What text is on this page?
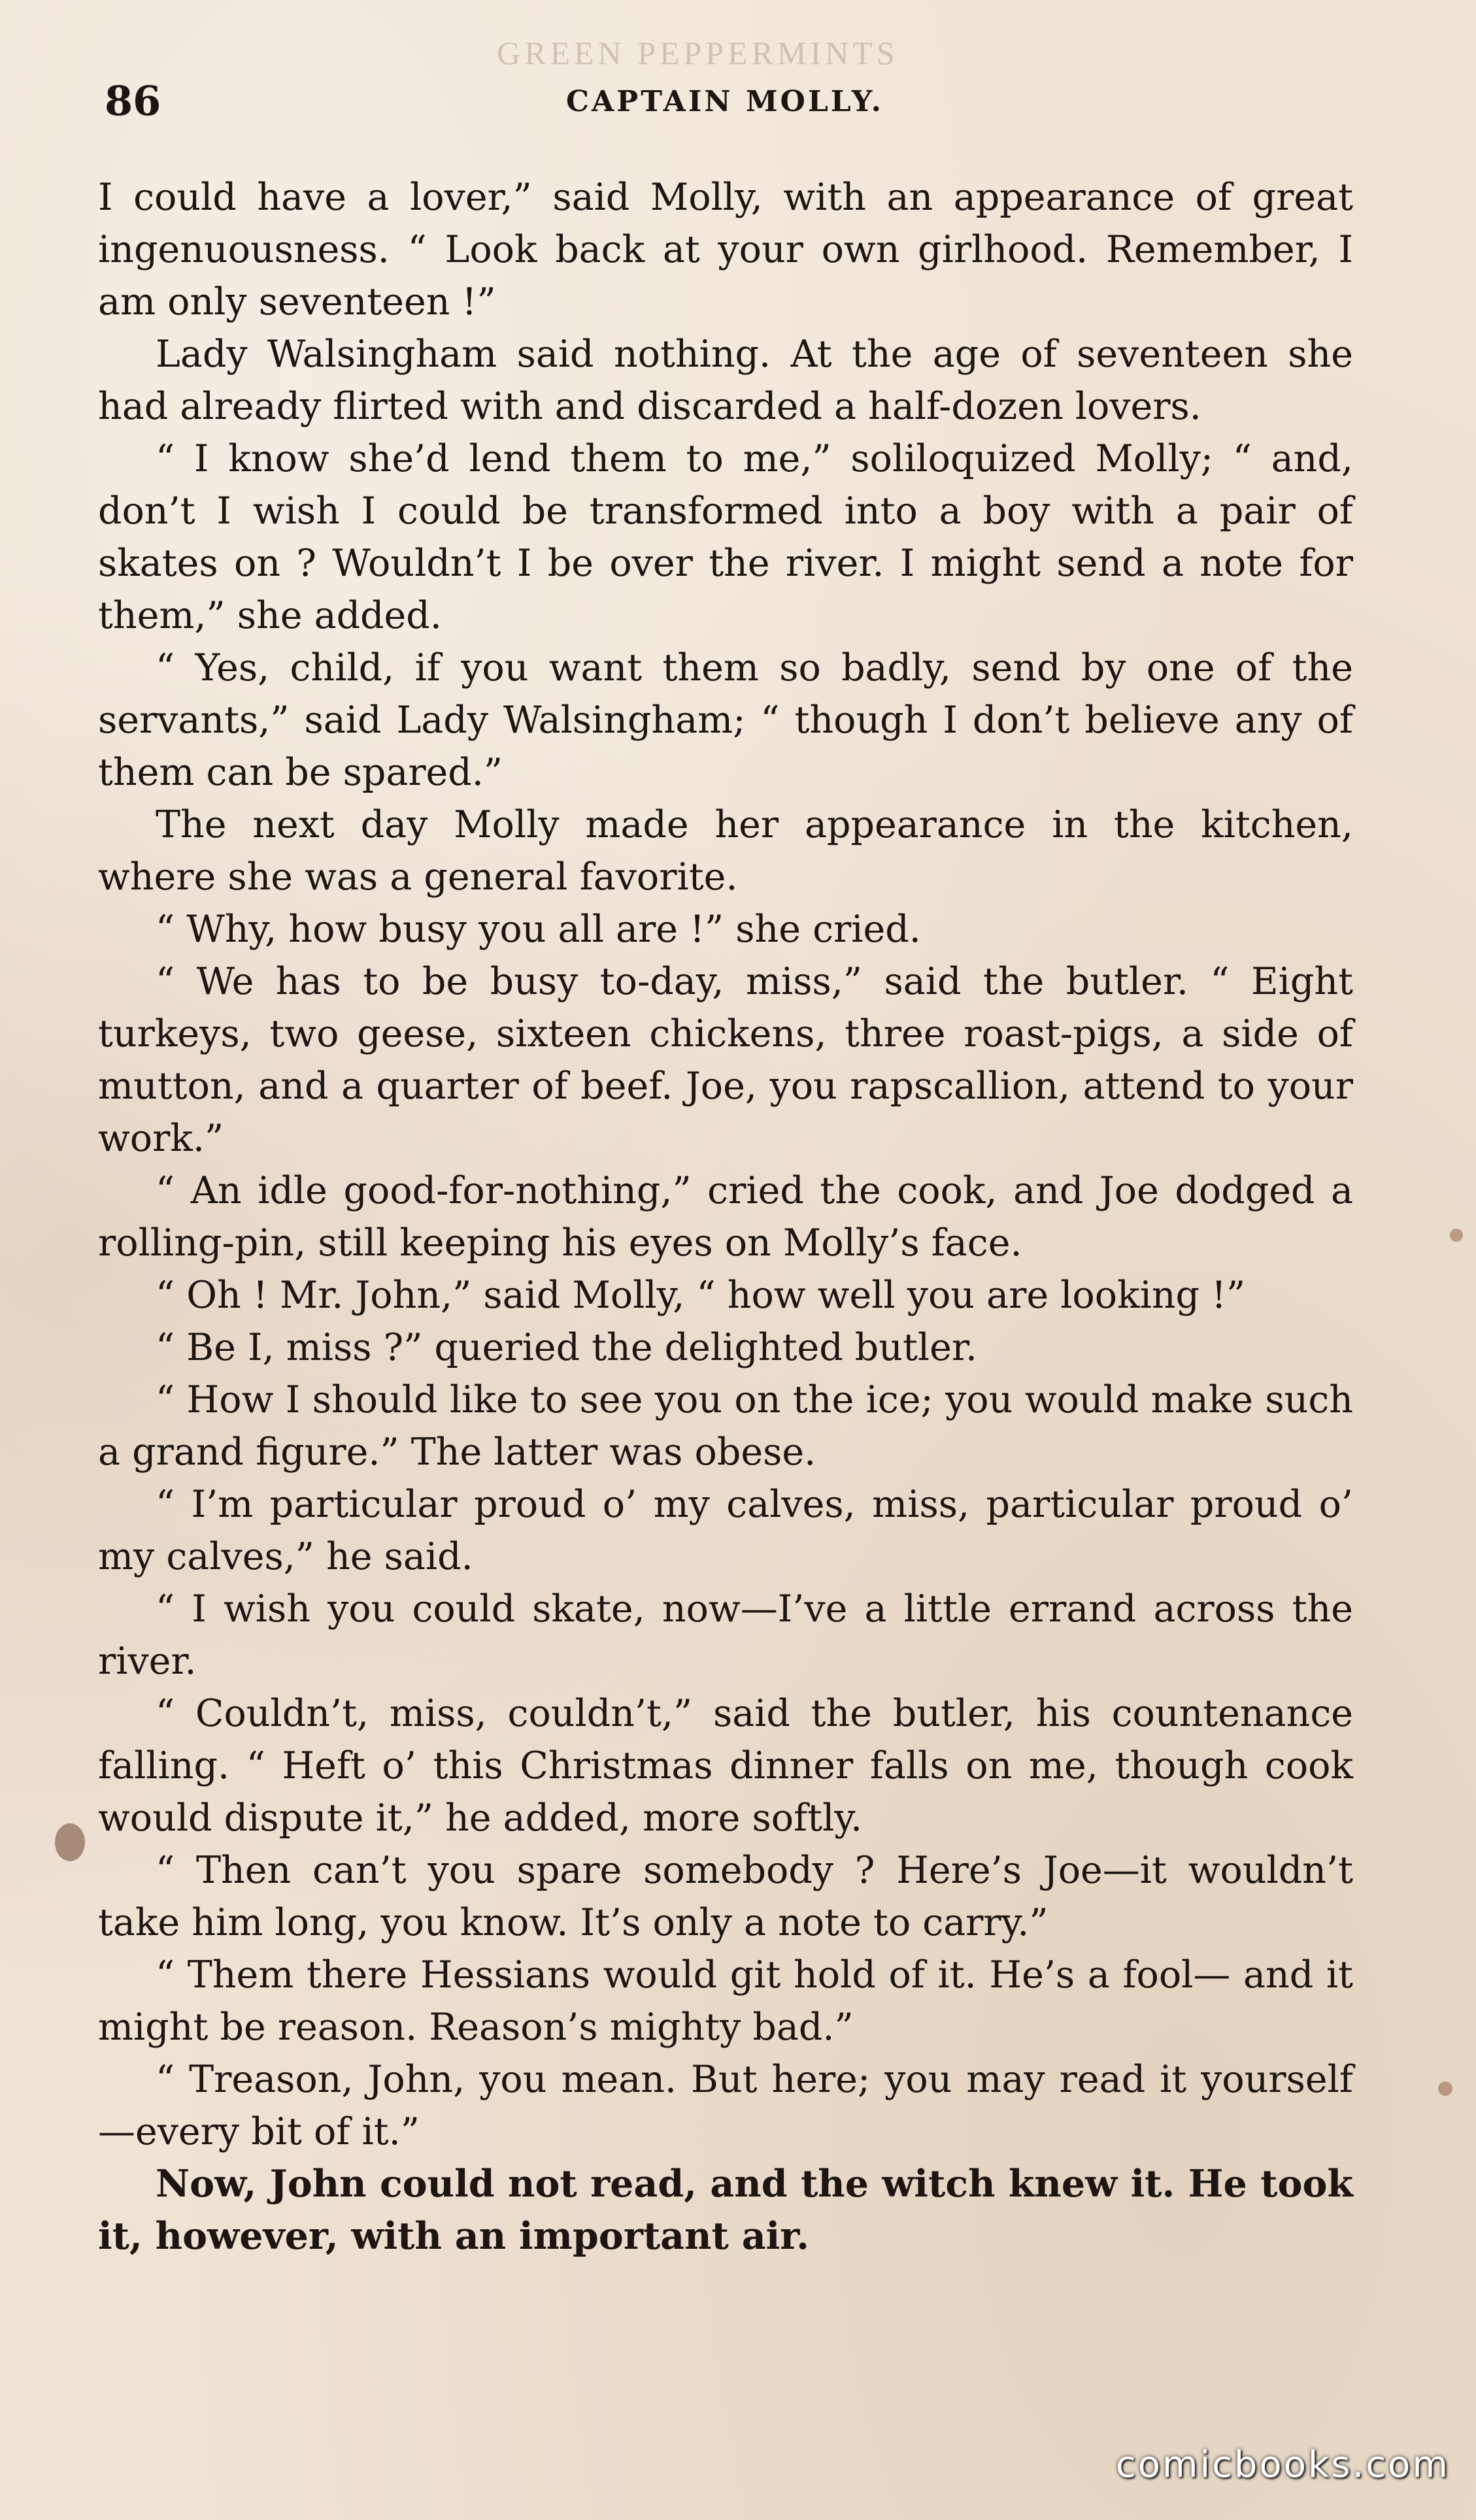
GREEN PEPPERMINTS
86	CAPTAIN MOLLY.

I could have a lover,” said Molly, with an appearance of great ingenuousness. “ Look back at your own girlhood. Remember, I am only seventeen !”

Lady Walsingham said nothing. At the age of seventeen she had already flirted with and discarded a half-dozen lovers.

“ I know she’d lend them to me,” soliloquized Molly; “ and, don’t I wish I could be transformed into a boy with a pair of skates on ? Wouldn’t I be over the river. I might send a note for them,” she added.

“ Yes, child, if you want them so badly, send by one of the servants,” said Lady Walsingham; “ though I don’t believe any of them can be spared.”

The next day Molly made her appearance in the kitchen, where she was a general favorite.

“ Why, how busy you all are !” she cried.

“ We has to be busy to-day, miss,” said the butler. “ Eight turkeys, two geese, sixteen chickens, three roast-pigs, a side of mutton, and a quarter of beef. Joe, you rapscallion, attend to your work.”

“ An idle good-for-nothing,” cried the cook, and Joe dodged a rolling-pin, still keeping his eyes on Molly’s face.

“ Oh ! Mr. John,” said Molly, “ how well you are looking !”

“ Be I, miss ?” queried the delighted butler.

“ How I should like to see you on the ice; you would make such a grand figure.” The latter was obese.

“ I’m particular proud o’ my calves, miss, particular proud o’ my calves,” he said.

“ I wish you could skate, now—I’ve a little errand across the river.

“ Couldn’t, miss, couldn’t,” said the butler, his countenance falling. “ Heft o’ this Christmas dinner falls on me, though cook would dispute it,” he added, more softly.

“ Then can’t you spare somebody ? Here’s Joe—it wouldn’t take him long, you know. It’s only a note to carry.”

“ Them there Hessians would git hold of it. He’s a fool— and it might be reason. Reason’s mighty bad.”

“ Treason, John, you mean. But here; you may read it yourself—every bit of it.”

Now, John could not read, and the witch knew it. He took it, however, with an important air.

comicbooks.com
